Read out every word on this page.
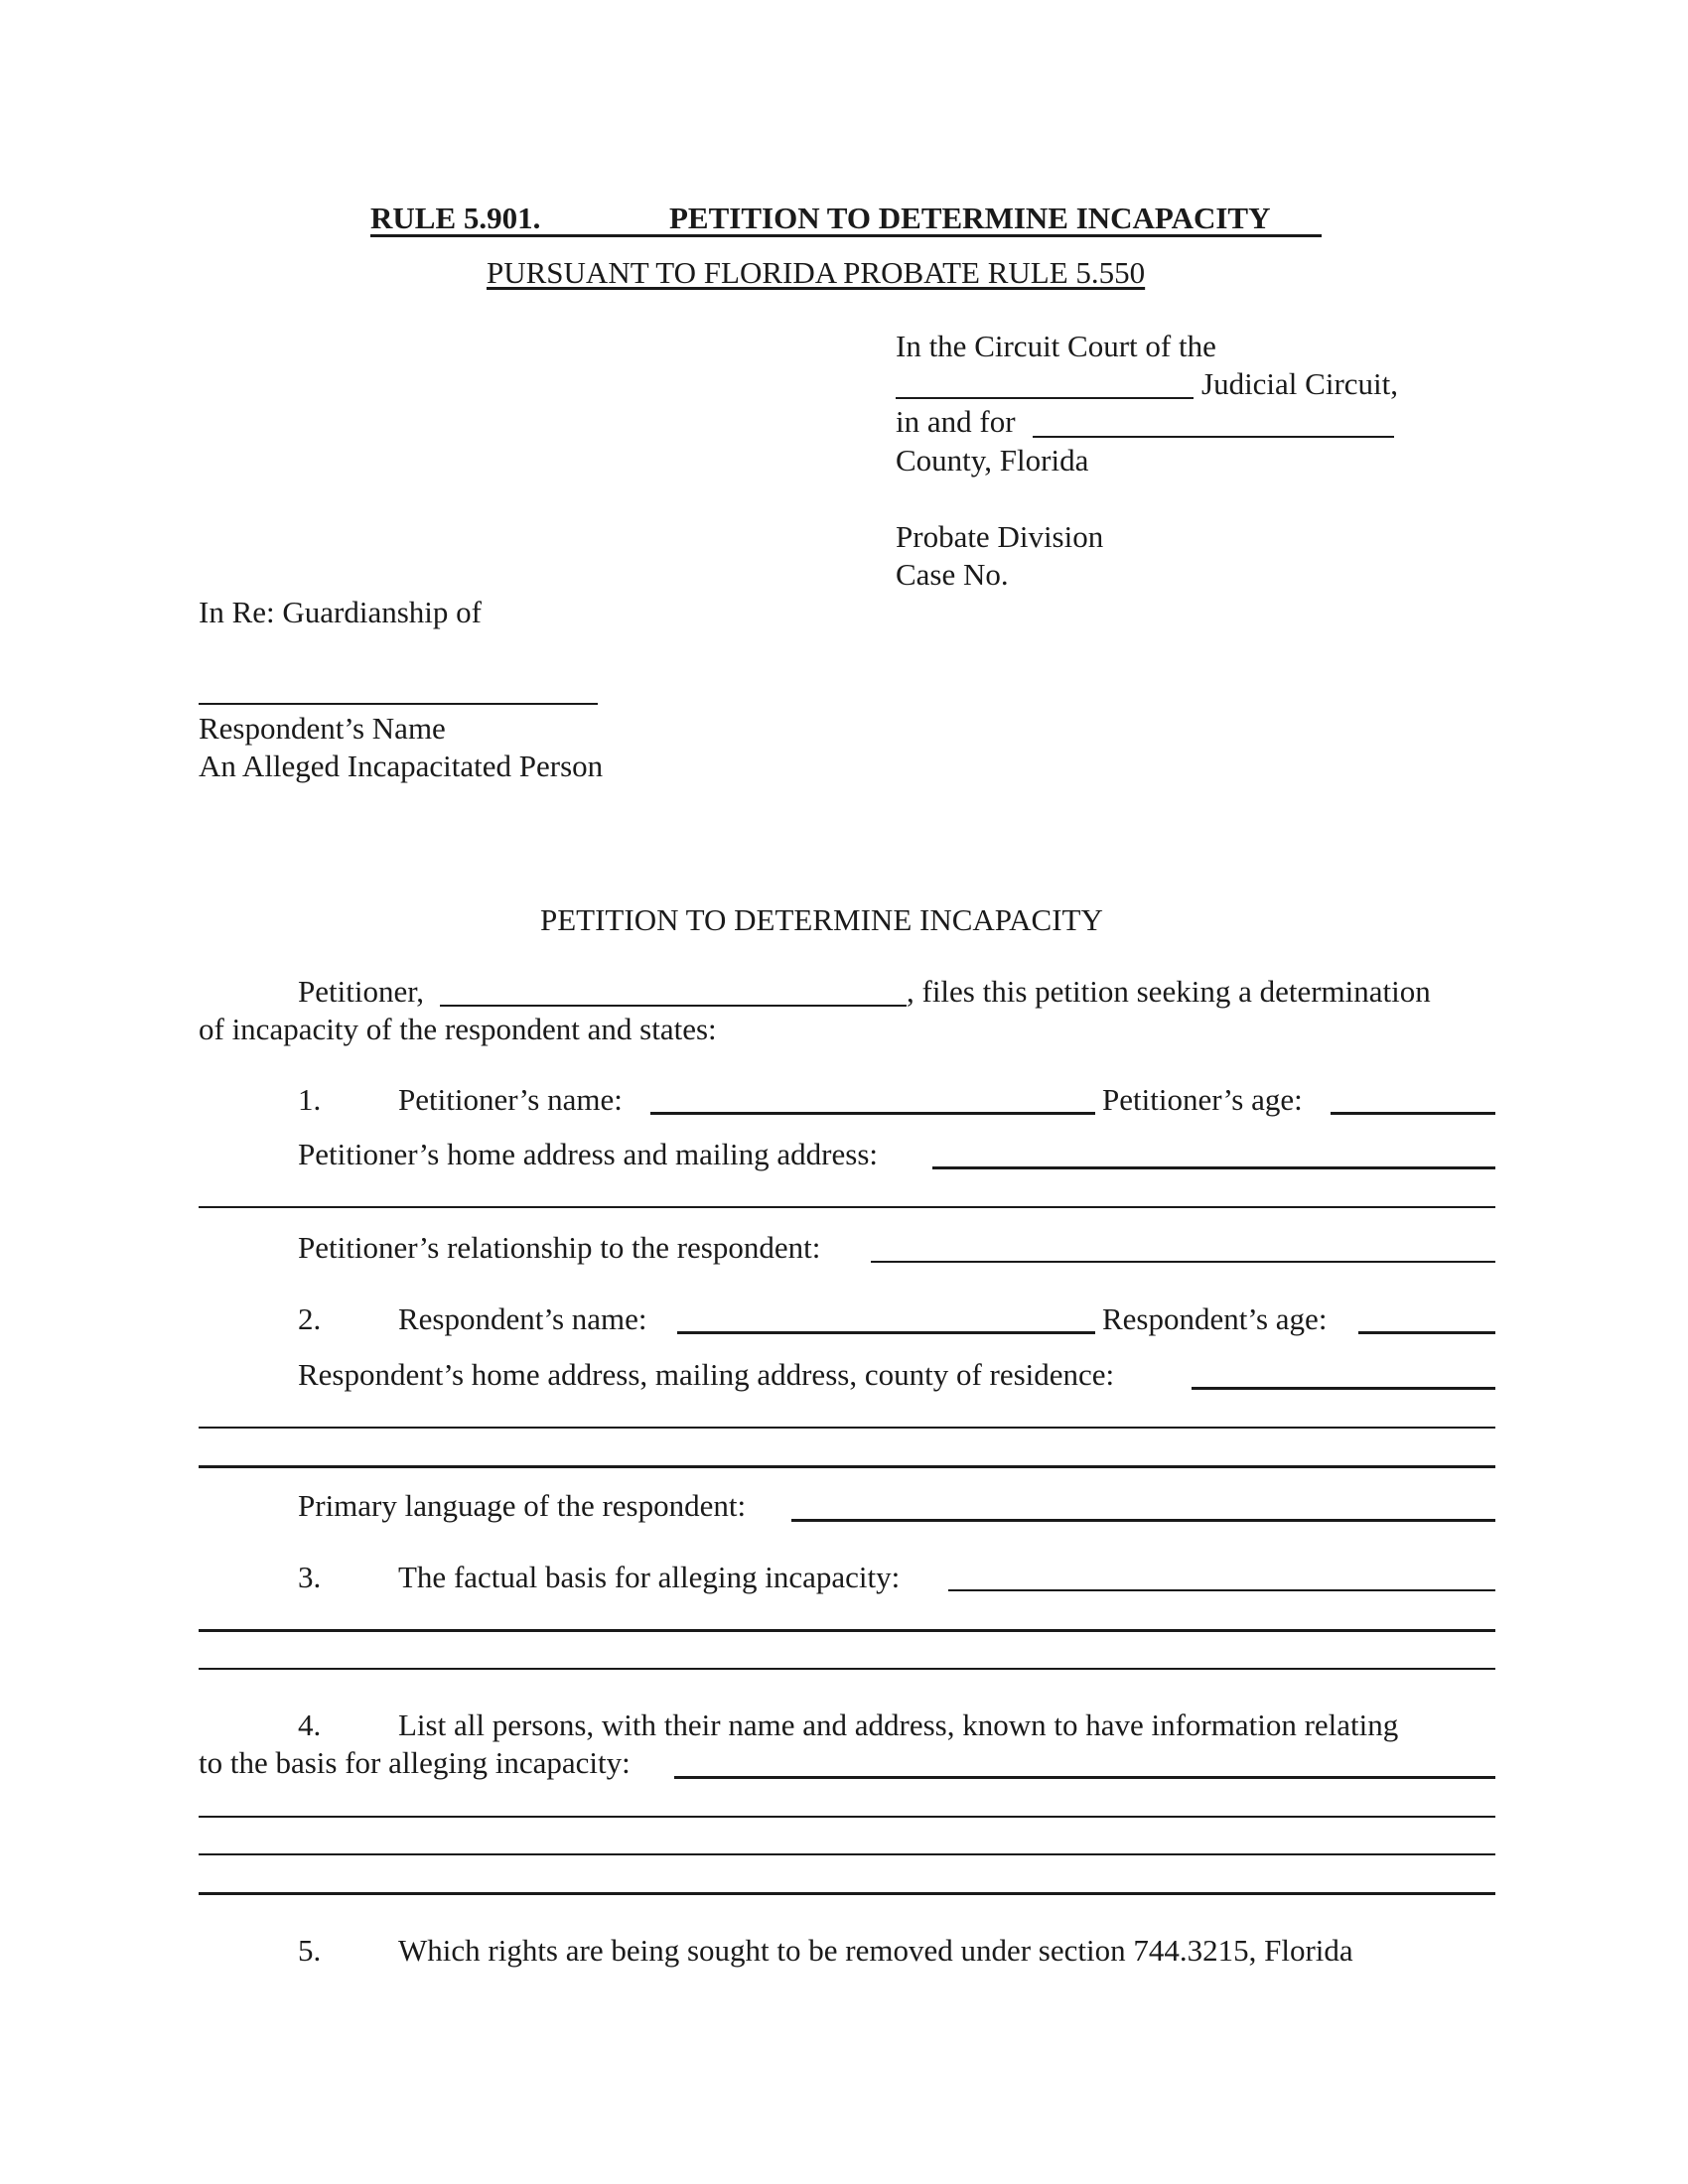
RULE 5.901.	PETITION TO DETERMINE INCAPACITY
PURSUANT TO FLORIDA PROBATE RULE 5.550
In the Circuit Court of the
Judicial Circuit,
in and for
County, Florida
Probate Division
Case No.
In Re: Guardianship of
Respondent’s Name
An Alleged Incapacitated Person
PETITION TO DETERMINE INCAPACITY
Petitioner,	, files this petition seeking a determination
of incapacity of the respondent and states:
1.	Petitioner’s name:	Petitioner’s age:
Petitioner’s home address and mailing address:
Petitioner’s relationship to the respondent:
2.	Respondent’s name:	Respondent’s age:
Respondent’s home address, mailing address, county of residence:
Primary language of the respondent:
3.	The factual basis for alleging incapacity:
4.	List all persons, with their name and address, known to have information relating
to the basis for alleging incapacity:
5.	Which rights are being sought to be removed under section 744.3215, Florida
